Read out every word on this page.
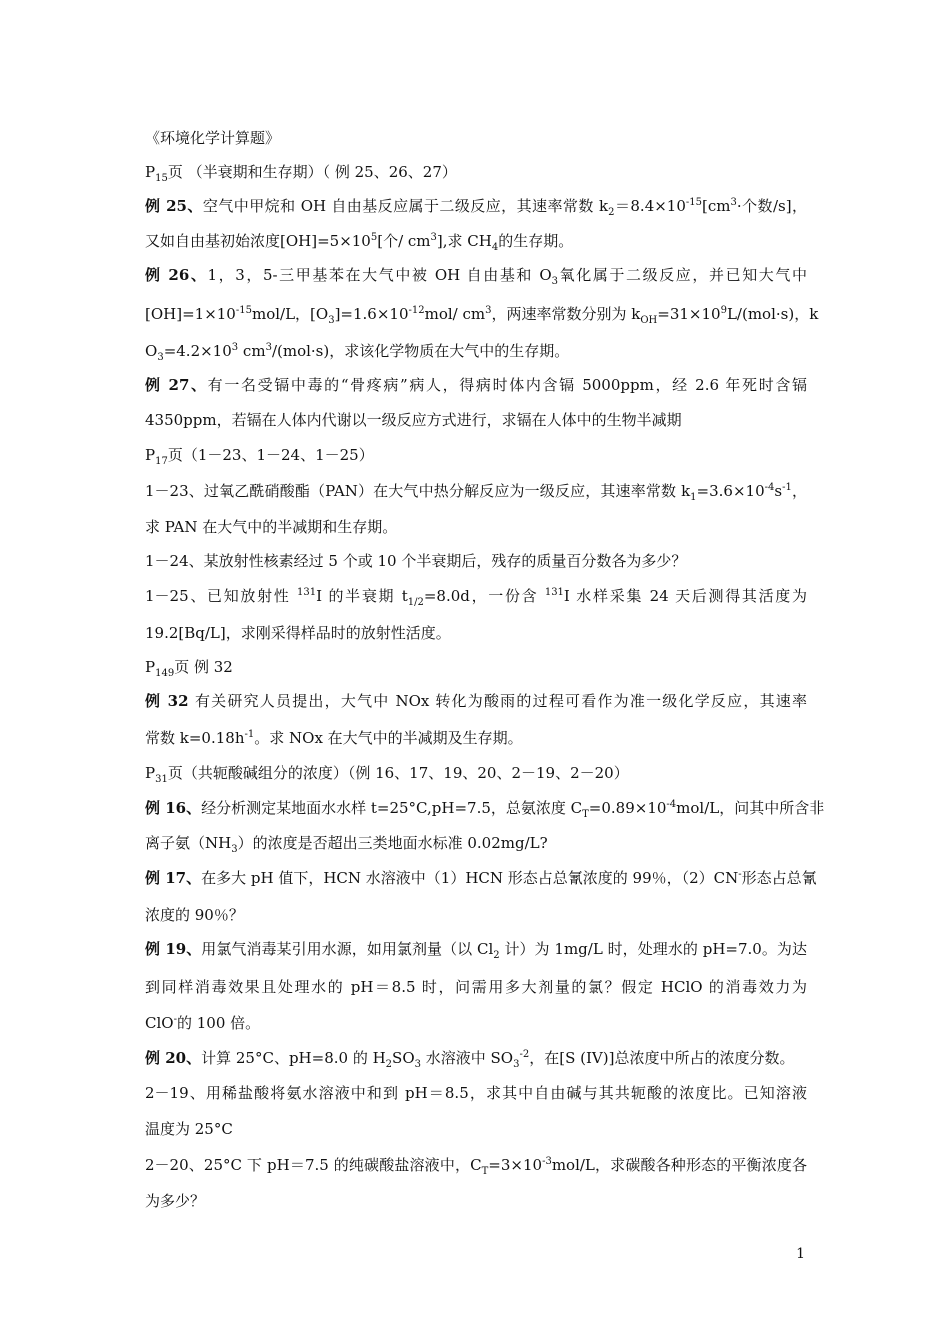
《环境化学计算题》
$P_{15}$页 （半衰期和生存期）（ 例 25、26、27）
例 25、空气中甲烷和 OH 自由基反应属于二级反应，其速率常数 $k_2=8.4\times 10^{-15}[cm^3\cdot$个数/s]，
又如自由基初始浓度$[OH]=5\times 10^5$[个/ $cm^3$],求 $CH_4$的生存期。
例 26、1，3，5-三甲基苯在大气中被 OH 自由基和 $O_3$氧化属于二级反应，并已知大气中
$[OH]=1\times 10^{-15}mol/L$，$[O_3]=1.6\times 10^{-12}mol/$ $cm^3$，两速率常数分别为 $k_{OH}=31\times 10^9L/(mol\cdot s)$，k
$O_3=4.2\times 10^3$ $cm^3/(mol\cdot s)$，求该化学物质在大气中的生存期。
例 27、有一名受镉中毒的“骨疼病”病人，得病时体内含镉 5000ppm，经 2.6 年死时含镉
4350ppm，若镉在人体内代谢以一级反应方式进行，求镉在人体中的生物半减期
$P_{17}$页（1－23、1－24、1－25）
1－23、过氧乙酰硝酸酯（PAN）在大气中热分解反应为一级反应，其速率常数 $k_1=3.6\times 10^{-4}s^{-1}$，
求 PAN 在大气中的半减期和生存期。
1－24、某放射性核素经过 5 个或 10 个半衰期后，残存的质量百分数各为多少？
1－25、已知放射性 $^{131}$I 的半衰期 $t_{1/2}=8.0d$，一份含 $^{131}$I 水样采集 24 天后测得其活度为
19.2[Bq/L]，求刚采得样品时的放射性活度。
$P_{149}$页 例 32
例 32 有关研究人员提出，大气中 NOx 转化为酸雨的过程可看作为准一级化学反应，其速率
常数 $k=0.18h^{-1}$。求 NOx 在大气中的半减期及生存期。
$P_{31}$页（共轭酸碱组分的浓度）（例 16、17、19、20、2－19、2－20）
例 16、经分析测定某地面水水样 t=25°C,pH=7.5，总氨浓度 $C_T=0.89\times 10^{-4}mol/L$，问其中所含非
离子氨$(NH_3)$的浓度是否超出三类地面水标准 0.02mg/L?
例 17、在多大 pH 值下，HCN 水溶液中（1）HCN 形态占总氰浓度的 99％，（2）CN-形态占总氰
浓度的 90％？
例 19、用氯气消毒某引用水源，如用氯剂量（以 $Cl_2$ 计）为 1mg/L 时，处理水的 pH=7.0。为达
到同样消毒效果且处理水的 pH＝8.5 时，问需用多大剂量的氯？假定 HClO 的消毒效力为
ClO-的 100 倍。
例 20、计算 25°C、pH=8.0 的 $H_2SO_3$ 水溶液中 $SO_3^{-2}$，在[S (IV)]总浓度中所占的浓度分数。
2－19、用稀盐酸将氨水溶液中和到 pH＝8.5，求其中自由碱与其共轭酸的浓度比。已知溶液
温度为 25°C
2－20、25°C 下 pH＝7.5 的纯碳酸盐溶液中，$C_T=3\times 10^{-3}mol/L$，求碳酸各种形态的平衡浓度各
为多少？
1
